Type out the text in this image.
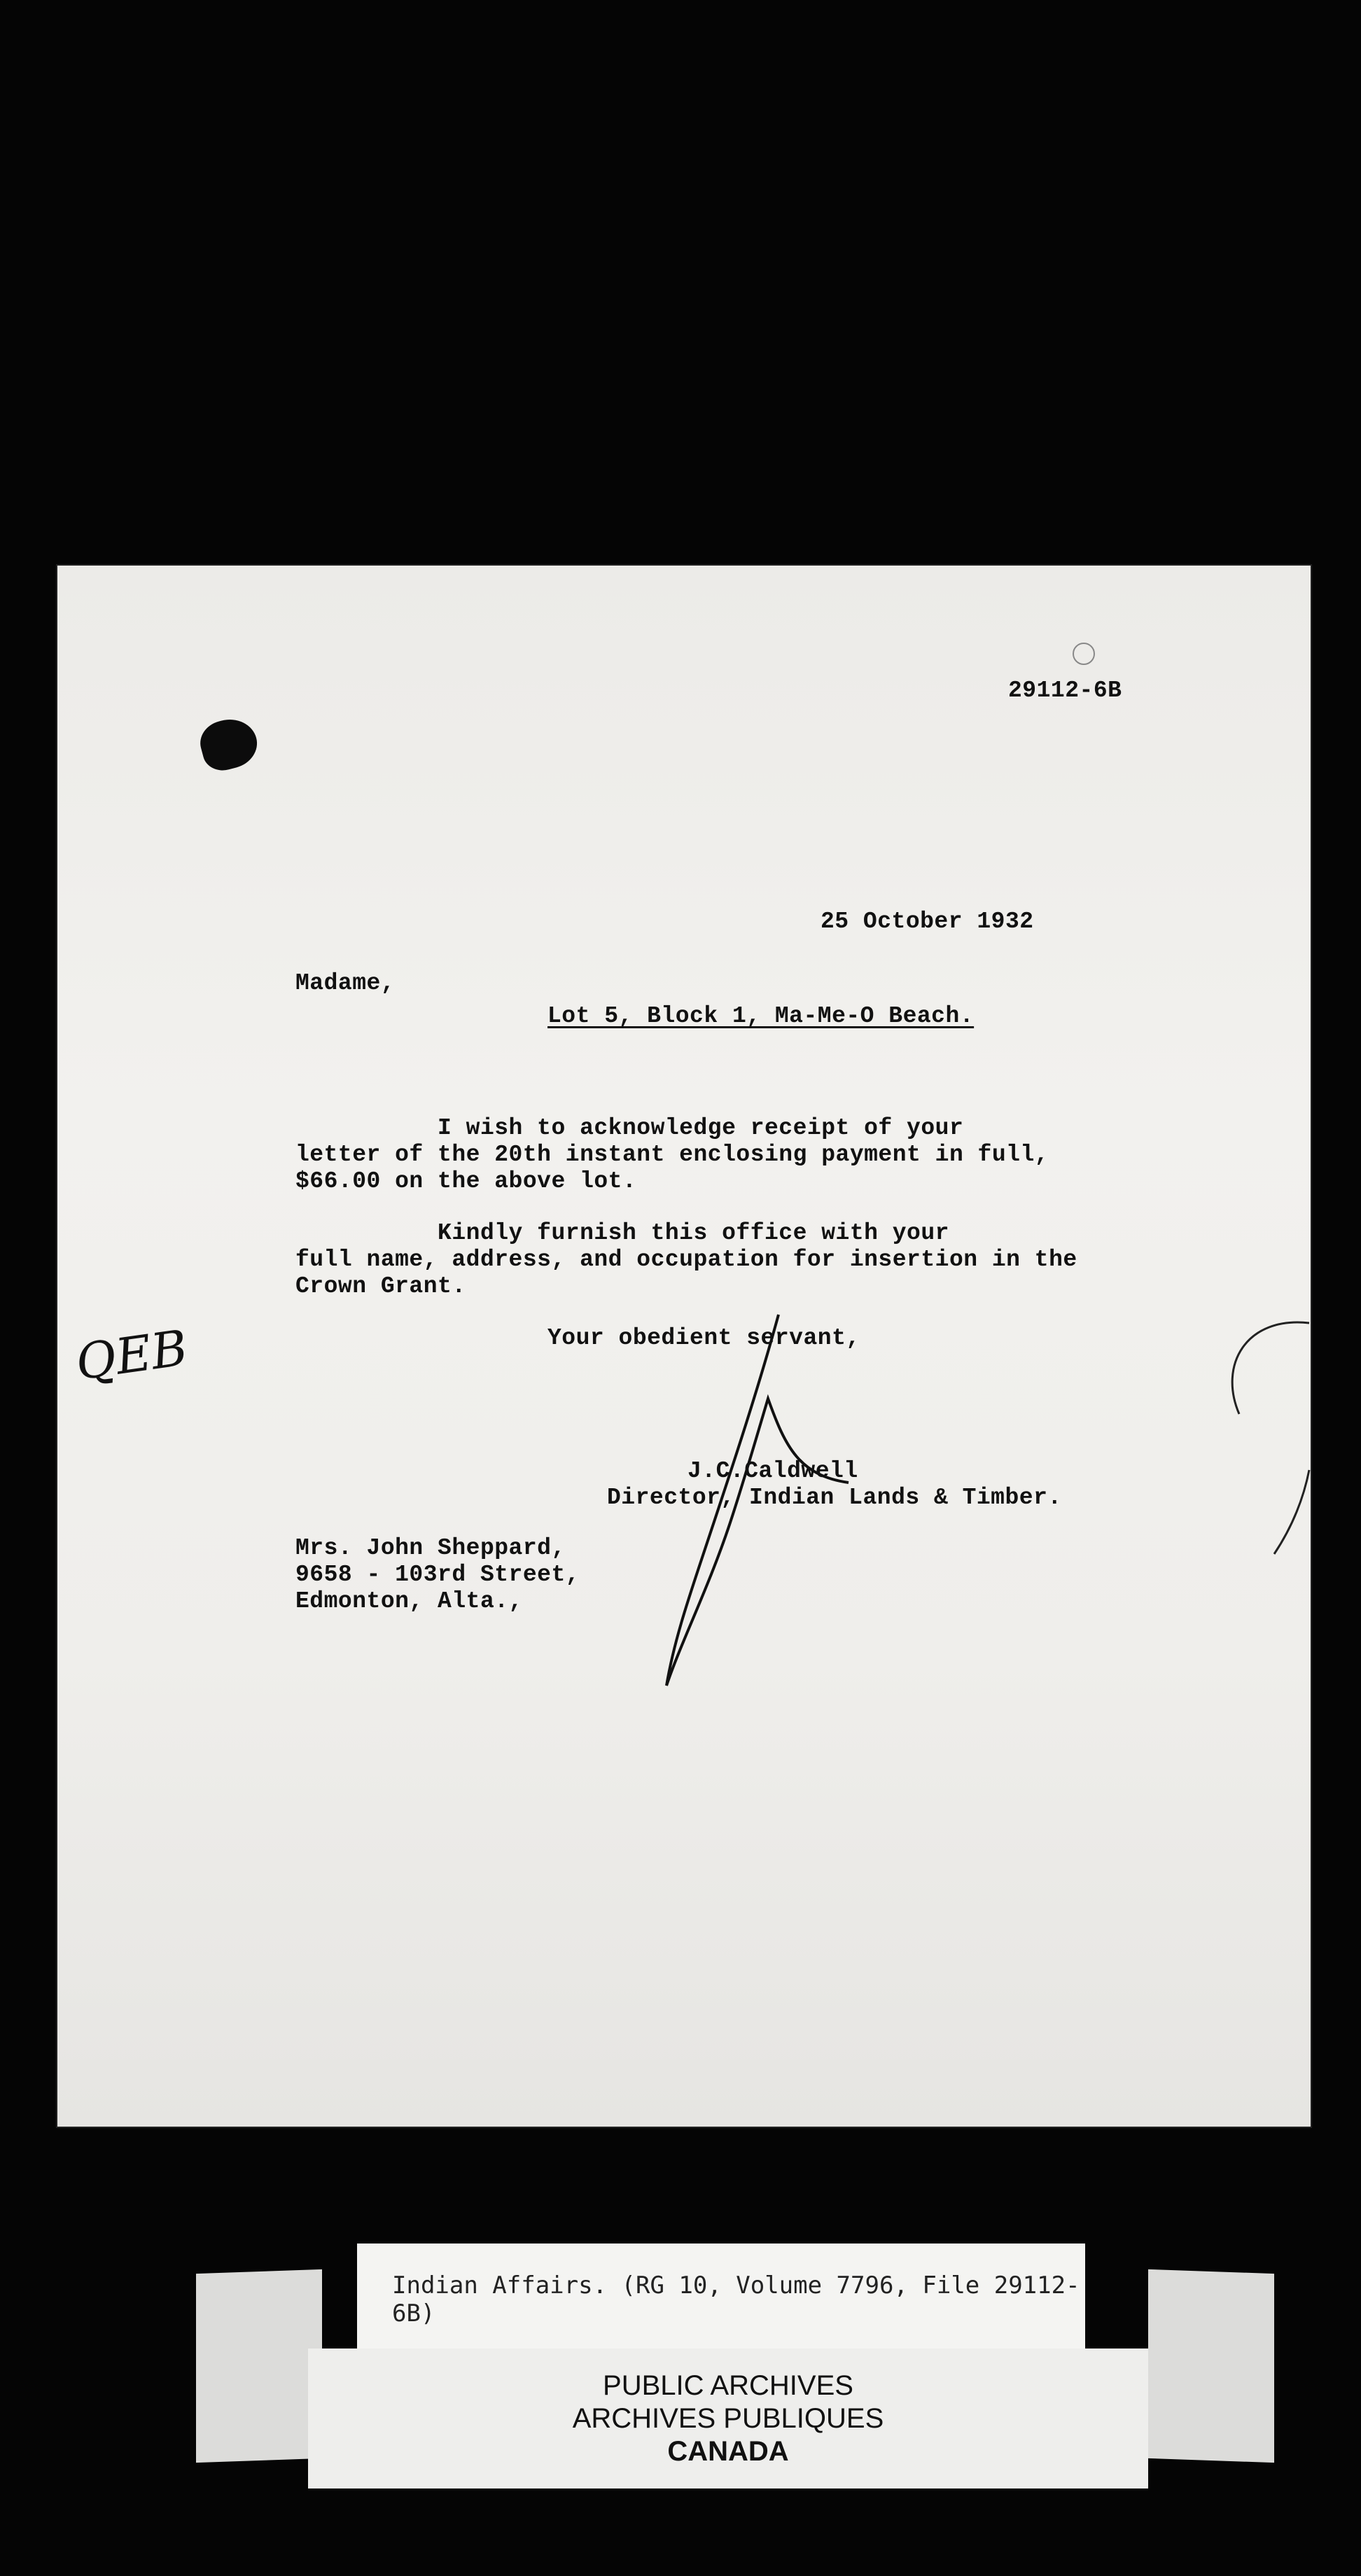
29112-6B
25 October 1932
Madame,
Lot 5, Block 1, Ma-Me-O Beach.
I wish to acknowledge receipt of your
letter of the 20th instant enclosing payment in full,
$66.00 on the above lot.
Kindly furnish this office with your
full name, address, and occupation for insertion in the
Crown Grant.
Your obedient servant,
J.C.Caldwell
Director, Indian Lands & Timber.
Mrs. John Sheppard,
9658 - 103rd Street,
Edmonton, Alta.,
QEB
Indian Affairs. (RG 10, Volume 7796, File 29112-6B)
PUBLIC ARCHIVES
ARCHIVES PUBLIQUES
CANADA
